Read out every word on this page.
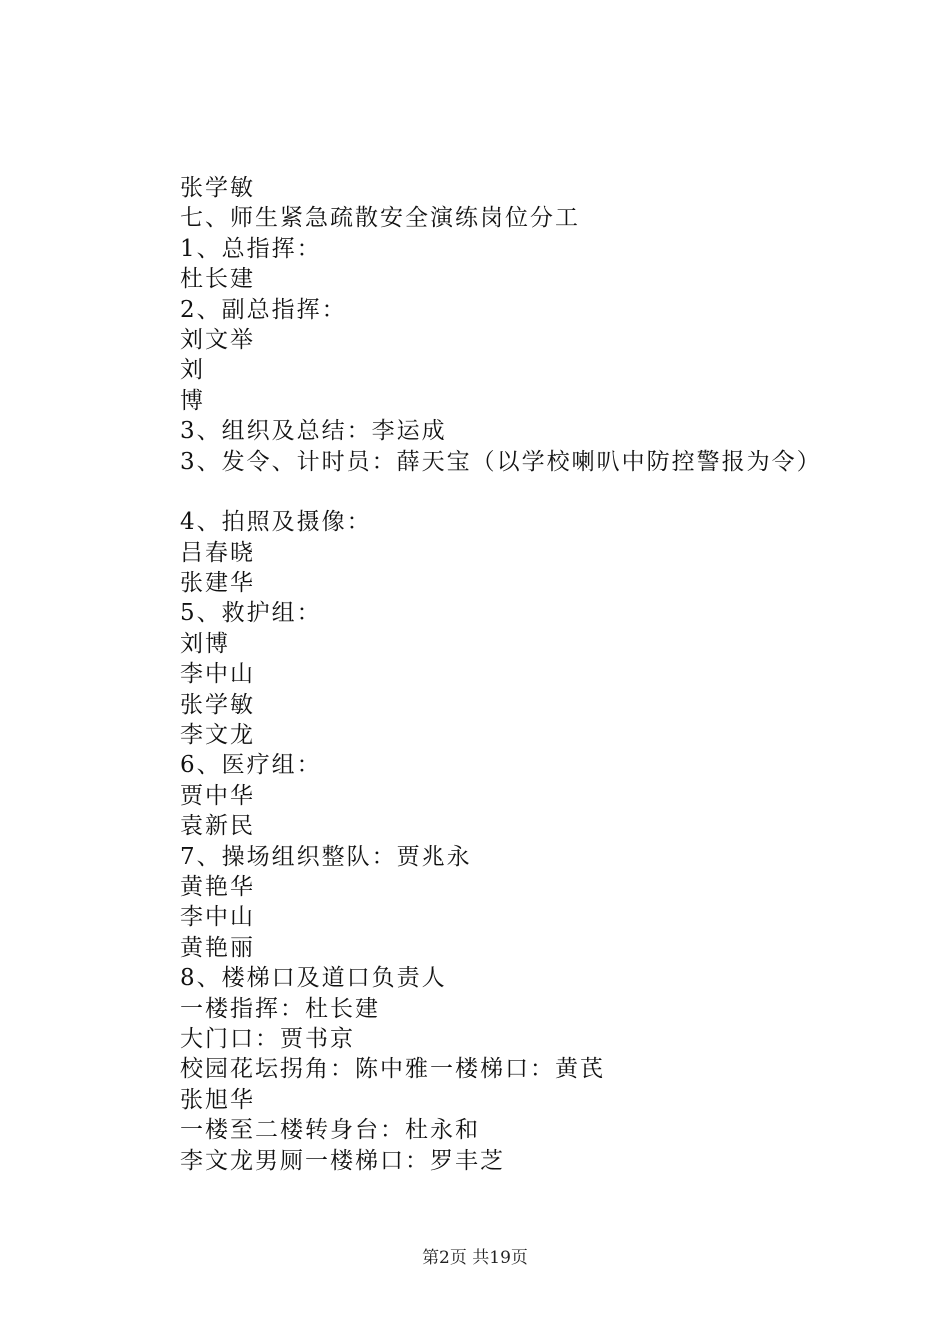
张学敏
七、师生紧急疏散安全演练岗位分工
1、总指挥：
杜长建
2、副总指挥：
刘文举
刘
博
3、组织及总结：李运成
3、发令、计时员：薛天宝（以学校喇叭中防控警报为令）
4、拍照及摄像：
吕春晓
张建华
5、救护组：
刘博
李中山
张学敏
李文龙
6、医疗组：
贾中华
袁新民
7、操场组织整队：贾兆永
黄艳华
李中山
黄艳丽
8、楼梯口及道口负责人
一楼指挥：杜长建
大门口：贾书京
校园花坛拐角：陈中雅一楼梯口：黄芪
张旭华
一楼至二楼转身台：杜永和
李文龙男厕一楼梯口：罗丰芝
第2页 共19页
